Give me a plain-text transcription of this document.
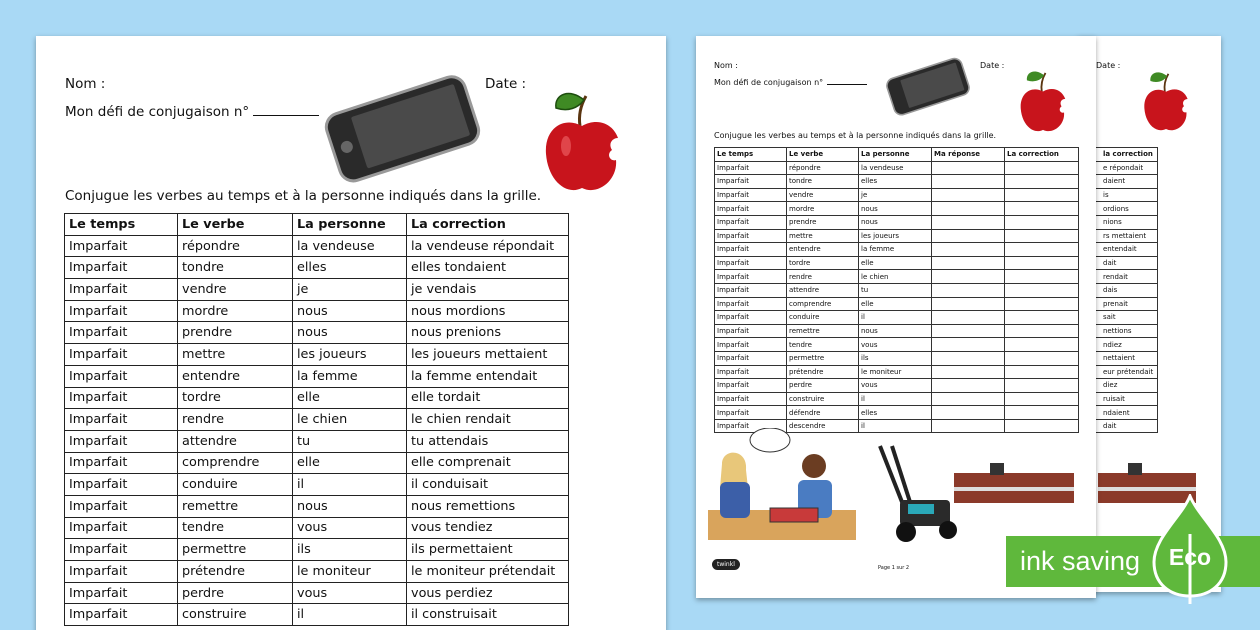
Nom :	Date :
Mon défi de conjugaison n°
Conjugue les verbes au temps et à la personne indiqués dans la grille.
Le temps	Le verbe	La personne	La correction
Imparfait	répondre	la vendeuse	la vendeuse répondait
Imparfait	tondre	elles	elles tondaient
Imparfait	vendre	je	je vendais
Imparfait	mordre	nous	nous mordions
Imparfait	prendre	nous	nous prenions
Imparfait	mettre	les joueurs	les joueurs mettaient
Imparfait	entendre	la femme	la femme entendait
Imparfait	tordre	elle	elle tordait
Imparfait	rendre	le chien	le chien rendait
Imparfait	attendre	tu	tu attendais
Imparfait	comprendre	elle	elle comprenait
Imparfait	conduire	il	il conduisait
Imparfait	remettre	nous	nous remettions
Imparfait	tendre	vous	vous tendiez
Imparfait	permettre	ils	ils permettaient
Imparfait	prétendre	le moniteur	le moniteur prétendait
Imparfait	perdre	vous	vous perdiez
Imparfait	construire	il	il construisait
Date :
la correction
e répondait
daient
is
ordions
nions
rs mettaient
entendait
dait
rendait
dais
prenait
sait
nettions
ndiez
nettaient
eur prétendait
diez
ruisait
ndaient
dait
Nom :	Date :
Mon défi de conjugaison n°
Conjugue les verbes au temps et à la personne indiqués dans la grille.
Le temps	Le verbe	La personne	Ma réponse	La correction
Imparfait	répondre	la vendeuse		
Imparfait	tondre	elles		
Imparfait	vendre	je		
Imparfait	mordre	nous		
Imparfait	prendre	nous		
Imparfait	mettre	les joueurs		
Imparfait	entendre	la femme		
Imparfait	tordre	elle		
Imparfait	rendre	le chien		
Imparfait	attendre	tu		
Imparfait	comprendre	elle		
Imparfait	conduire	il		
Imparfait	remettre	nous		
Imparfait	tendre	vous		
Imparfait	permettre	ils		
Imparfait	prétendre	le moniteur		
Imparfait	perdre	vous		
Imparfait	construire	il		
Imparfait	défendre	elles		
Imparfait	descendre	il		
twinkl	Page 1 sur 2	ink saving	Eco
